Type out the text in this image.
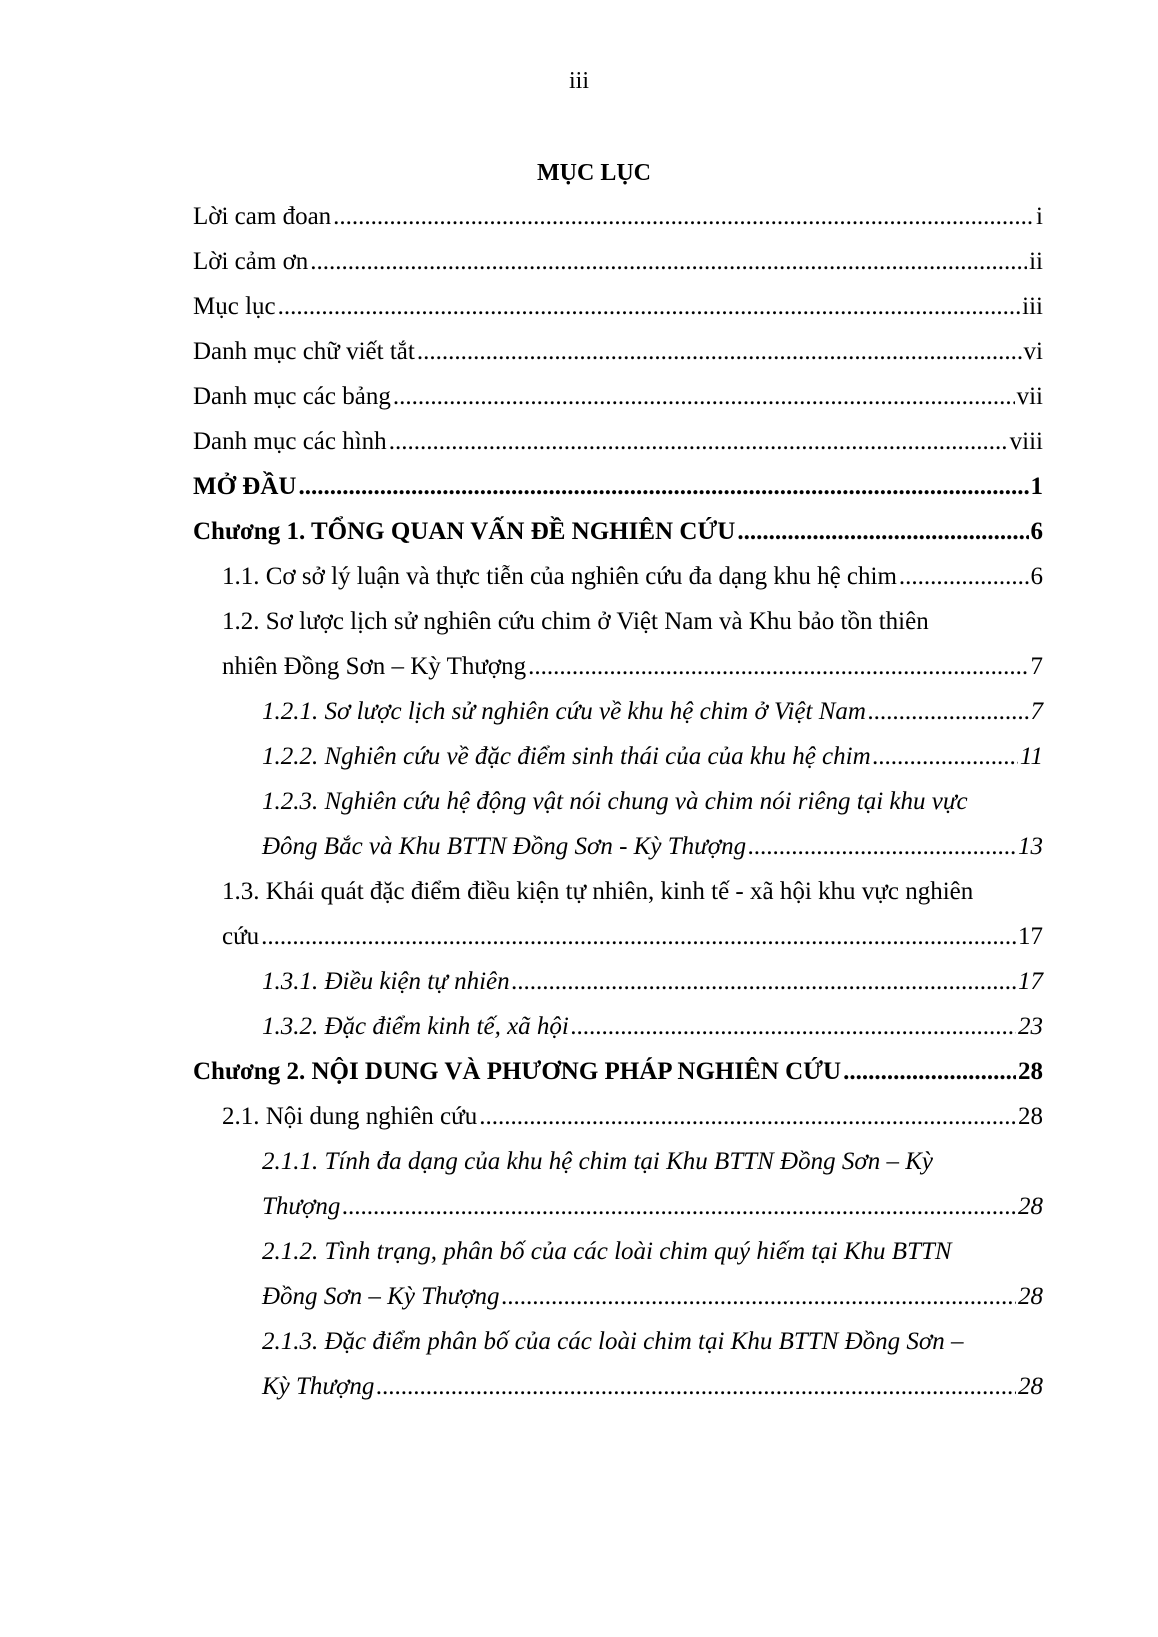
iii
MỤC LỤC
Lời cam đoan .....	i
Lời cảm ơn .....	ii
Mục lục .....	iii
Danh mục chữ viết tắt .....	vi
Danh mục các bảng .....	vii
Danh mục các hình .....	viii
MỞ ĐẦU .....	1
Chương 1. TỔNG QUAN VẤN ĐỀ NGHIÊN CỨU .....	6
1.1. Cơ sở lý luận và thực tiễn của nghiên cứu đa dạng khu hệ chim .....	6
1.2. Sơ lược lịch sử nghiên cứu chim ở Việt Nam và Khu bảo tồn thiên
nhiên Đồng Sơn – Kỳ Thượng .....	7
1.2.1. Sơ lược lịch sử nghiên cứu về khu hệ chim ở Việt Nam .....	7
1.2.2. Nghiên cứu về đặc điểm sinh thái của của khu hệ chim .....	11
1.2.3. Nghiên cứu hệ động vật nói chung và chim nói riêng tại khu vực
Đông Bắc và Khu BTTN Đồng Sơn - Kỳ Thượng .....	13
1.3. Khái quát đặc điểm điều kiện tự nhiên, kinh tế - xã hội khu vực nghiên
cứu .....	17
1.3.1. Điều kiện tự nhiên .....	17
1.3.2. Đặc điểm kinh tế, xã hội .....	23
Chương 2. NỘI DUNG VÀ PHƯƠNG PHÁP NGHIÊN CỨU .....	28
2.1. Nội dung nghiên cứu .....	28
2.1.1. Tính đa dạng của khu hệ chim tại Khu BTTN Đồng Sơn – Kỳ
Thượng .....	28
2.1.2. Tình trạng, phân bố của các loài chim quý hiếm tại Khu BTTN
Đồng Sơn – Kỳ Thượng .....	28
2.1.3. Đặc điểm phân bố của các loài chim tại Khu BTTN Đồng Sơn –
Kỳ Thượng .....	28
